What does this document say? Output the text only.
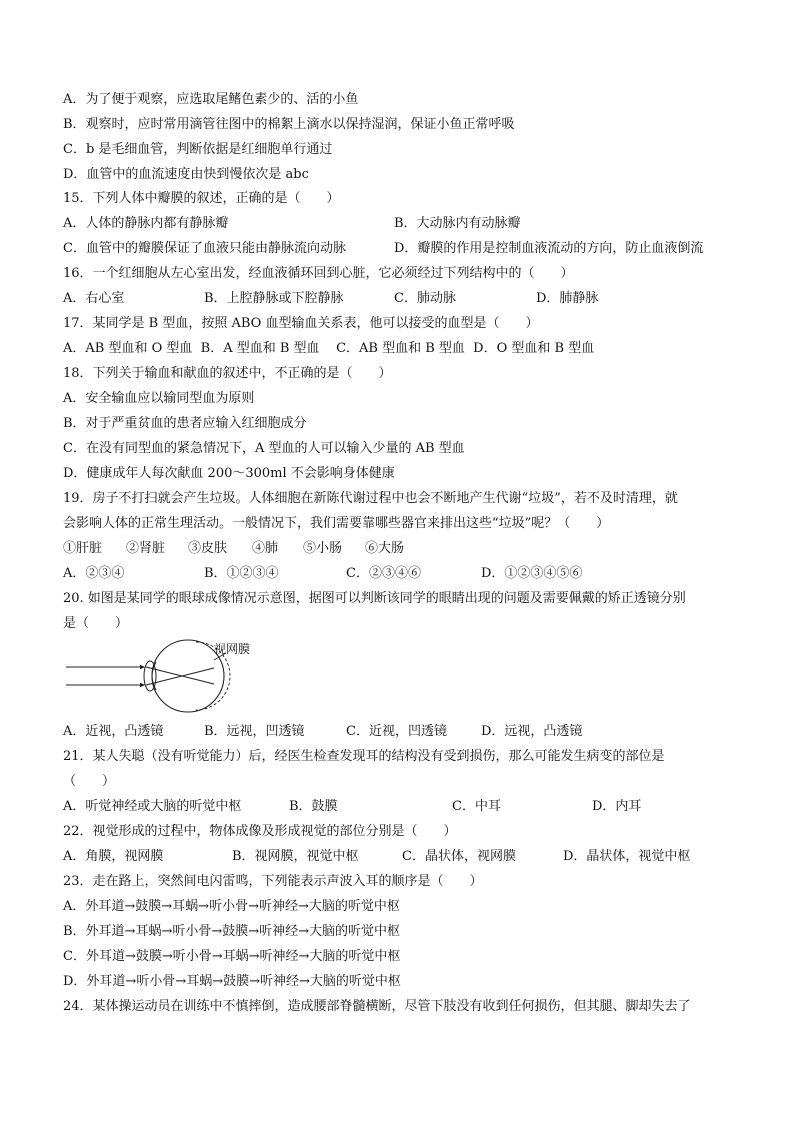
A．为了便于观察，应选取尾鳍色素少的、活的小鱼
B．观察时，应时常用滴管往图中的棉絮上滴水以保持湿润，保证小鱼正常呼吸
C．b 是毛细血管，判断依据是红细胞单行通过
D．血管中的血流速度由快到慢依次是 abc
15．下列人体中瓣膜的叙述，正确的是（　　）
A．人体的静脉内都有静脉瓣	B．大动脉内有动脉瓣
C．血管中的瓣膜保证了血液只能由静脉流向动脉	D．瓣膜的作用是控制血液流动的方向，防止血液倒流
16．一个红细胞从左心室出发，经血液循环回到心脏，它必须经过下列结构中的（　　）
A．右心室	B．上腔静脉或下腔静脉	C．肺动脉	D．肺静脉
17．某同学是 B 型血，按照 ABO 血型输血关系表，他可以接受的血型是（　　）
A．AB 型血和 O 型血  B．A 型血和 B 型血    C．AB 型血和 B 型血  D．O 型血和 B 型血
18．下列关于输血和献血的叙述中，不正确的是（　　）
A．安全输血应以输同型血为原则
B．对于严重贫血的患者应输入红细胞成分
C．在没有同型血的紧急情况下，A 型血的人可以输入少量的 AB 型血
D．健康成年人每次献血 200～300ml 不会影响身体健康
19．房子不打扫就会产生垃圾。人体细胞在新陈代谢过程中也会不断地产生代谢“垃圾”，若不及时清理，就
会影响人体的正常生理活动。一般情况下，我们需要靠哪些器官来排出这些“垃圾”呢？（　　）
①肝脏 ②肾脏 ③皮肤 ④肺 ⑤小肠 ⑥大肠
A．②③④	B．①②③④	C．②③④⑥	D．①②③④⑤⑥
20. 如图是某同学的眼球成像情况示意图，据图可以判断该同学的眼睛出现的问题及需要佩戴的矫正透镜分别
是（　　）
视网膜
A．近视，凸透镜	B．远视，凹透镜	C．近视，凹透镜	D．远视，凸透镜
21．某人失聪（没有听觉能力）后，经医生检查发现耳的结构没有受到损伤，那么可能发生病变的部位是
（　　）
A．听觉神经或大脑的听觉中枢	B．鼓膜	C．中耳	D．内耳
22．视觉形成的过程中，物体成像及形成视觉的部位分别是（　　）
A．角膜，视网膜	B．视网膜，视觉中枢	C．晶状体，视网膜	D．晶状体，视觉中枢
23．走在路上，突然间电闪雷鸣，下列能表示声波入耳的顺序是（　　）
A．外耳道→鼓膜→耳蜗→听小骨→听神经→大脑的听觉中枢
B．外耳道→耳蜗→听小骨→鼓膜→听神经→大脑的听觉中枢
C．外耳道→鼓膜→听小骨→耳蜗→听神经→大脑的听觉中枢
D．外耳道→听小骨→耳蜗→鼓膜→听神经→大脑的听觉中枢
24．某体操运动员在训练中不慎摔倒，造成腰部脊髓横断，尽管下肢没有收到任何损伤，但其腿、脚却失去了
